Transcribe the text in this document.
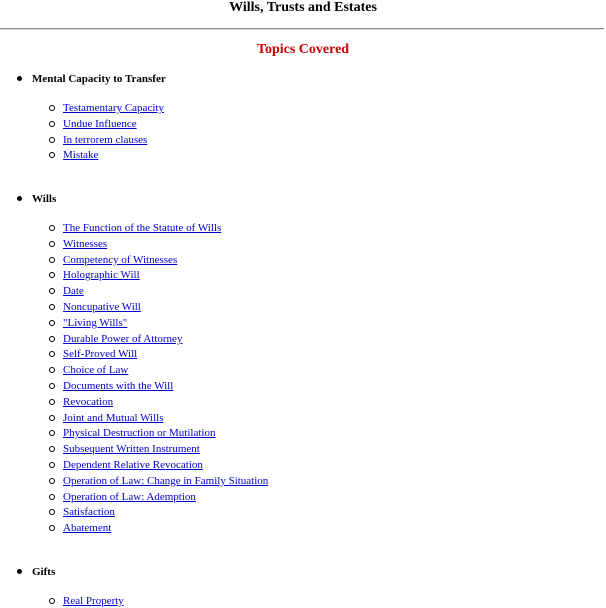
Wills, Trusts and Estates
Topics Covered
Mental Capacity to Transfer
Testamentary Capacity
Undue Influence
In terrorem clauses
Mistake
Wills
The Function of the Statute of Wills
Witnesses
Competency of Witnesses
Holographic Will
Date
Noncupative Will
"Living Wills"
Durable Power of Attorney
Self-Proved Will
Choice of Law
Documents with the Will
Revocation
Joint and Mutual Wills
Physical Destruction or Mutilation
Subsequent Written Instrument
Dependent Relative Revocation
Operation of Law: Change in Family Situation
Operation of Law: Ademption
Satisfaction
Abatement
Gifts
Real Property
